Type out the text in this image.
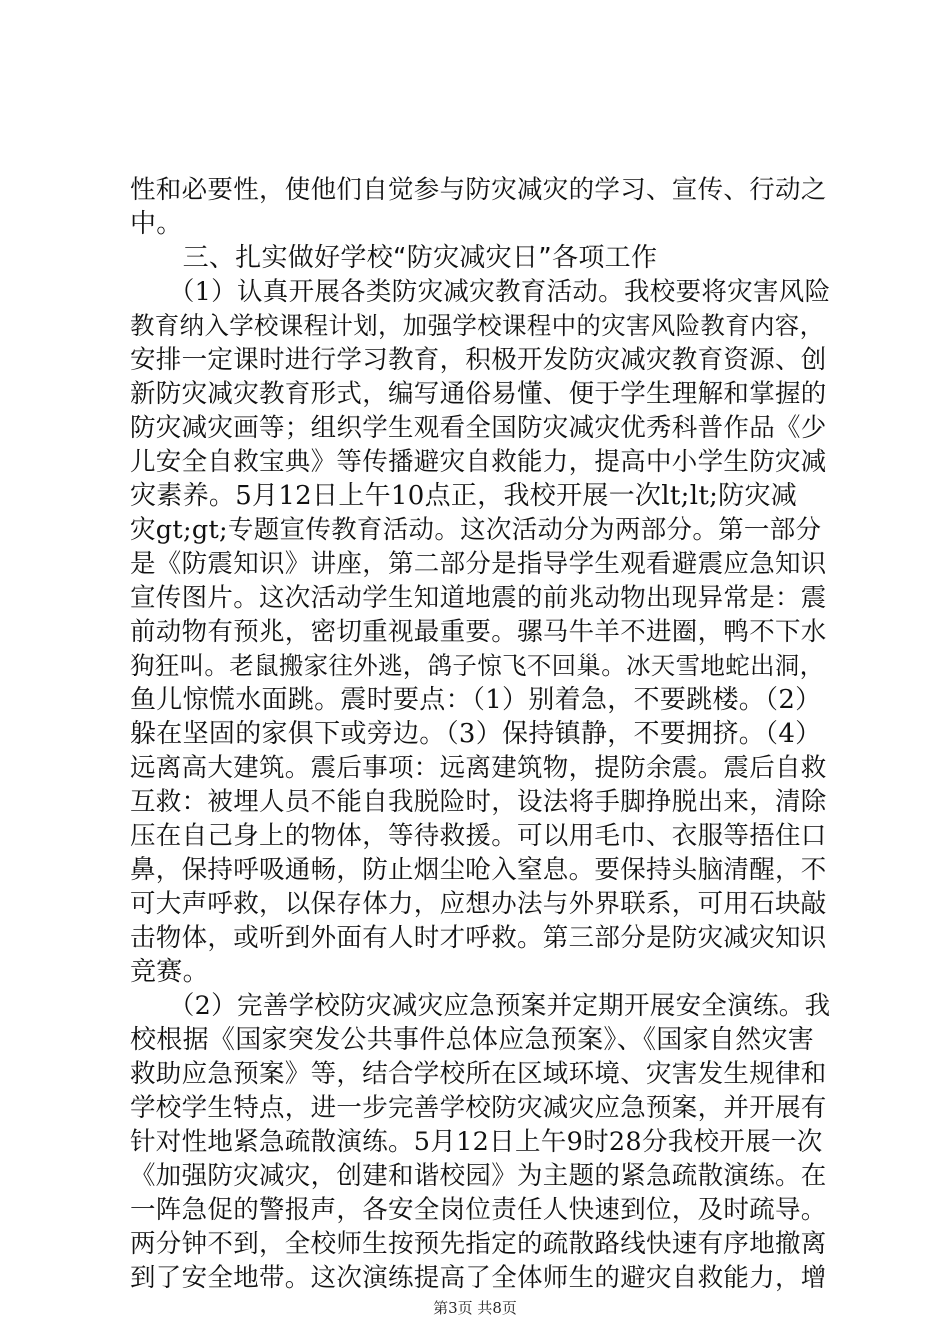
性和必要性，使他们自觉参与防灾减灾的学习、宣传、行动之
中。
　　三、扎实做好学校“防灾减灾日”各项工作
　　（1）认真开展各类防灾减灾教育活动。我校要将灾害风险
教育纳入学校课程计划，加强学校课程中的灾害风险教育内容，
安排一定课时进行学习教育，积极开发防灾减灾教育资源、创
新防灾减灾教育形式，编写通俗易懂、便于学生理解和掌握的
防灾减灾画等；组织学生观看全国防灾减灾优秀科普作品《少
儿安全自救宝典》等传播避灾自救能力，提高中小学生防灾减
灾素养。5月12日上午10点正，我校开展一次lt;lt;防灾减
灾gt;gt;专题宣传教育活动。这次活动分为两部分。第一部分
是《防震知识》讲座，第二部分是指导学生观看避震应急知识
宣传图片。这次活动学生知道地震的前兆动物出现异常是：震
前动物有预兆，密切重视最重要。骡马牛羊不进圈，鸭不下水
狗狂叫。老鼠搬家往外逃，鸽子惊飞不回巢。冰天雪地蛇出洞，
鱼儿惊慌水面跳。震时要点：（1）别着急，不要跳楼。（2）
躲在坚固的家俱下或旁边。（3）保持镇静，不要拥挤。（4）
远离高大建筑。震后事项：远离建筑物，提防余震。震后自救
互救：被埋人员不能自我脱险时，设法将手脚挣脱出来，清除
压在自己身上的物体，等待救援。可以用毛巾、衣服等捂住口
鼻，保持呼吸通畅，防止烟尘呛入窒息。要保持头脑清醒，不
可大声呼救，以保存体力，应想办法与外界联系，可用石块敲
击物体，或听到外面有人时才呼救。第三部分是防灾减灾知识
竞赛。
　　（2）完善学校防灾减灾应急预案并定期开展安全演练。我
校根据《国家突发公共事件总体应急预案》、《国家自然灾害
救助应急预案》等，结合学校所在区域环境、灾害发生规律和
学校学生特点，进一步完善学校防灾减灾应急预案，并开展有
针对性地紧急疏散演练。5月12日上午9时28分我校开展一次
《加强防灾减灾，创建和谐校园》为主题的紧急疏散演练。在
一阵急促的警报声，各安全岗位责任人快速到位，及时疏导。
两分钟不到，全校师生按预先指定的疏散路线快速有序地撤离
到了安全地带。这次演练提高了全体师生的避灾自救能力，增
第3页 共8页
